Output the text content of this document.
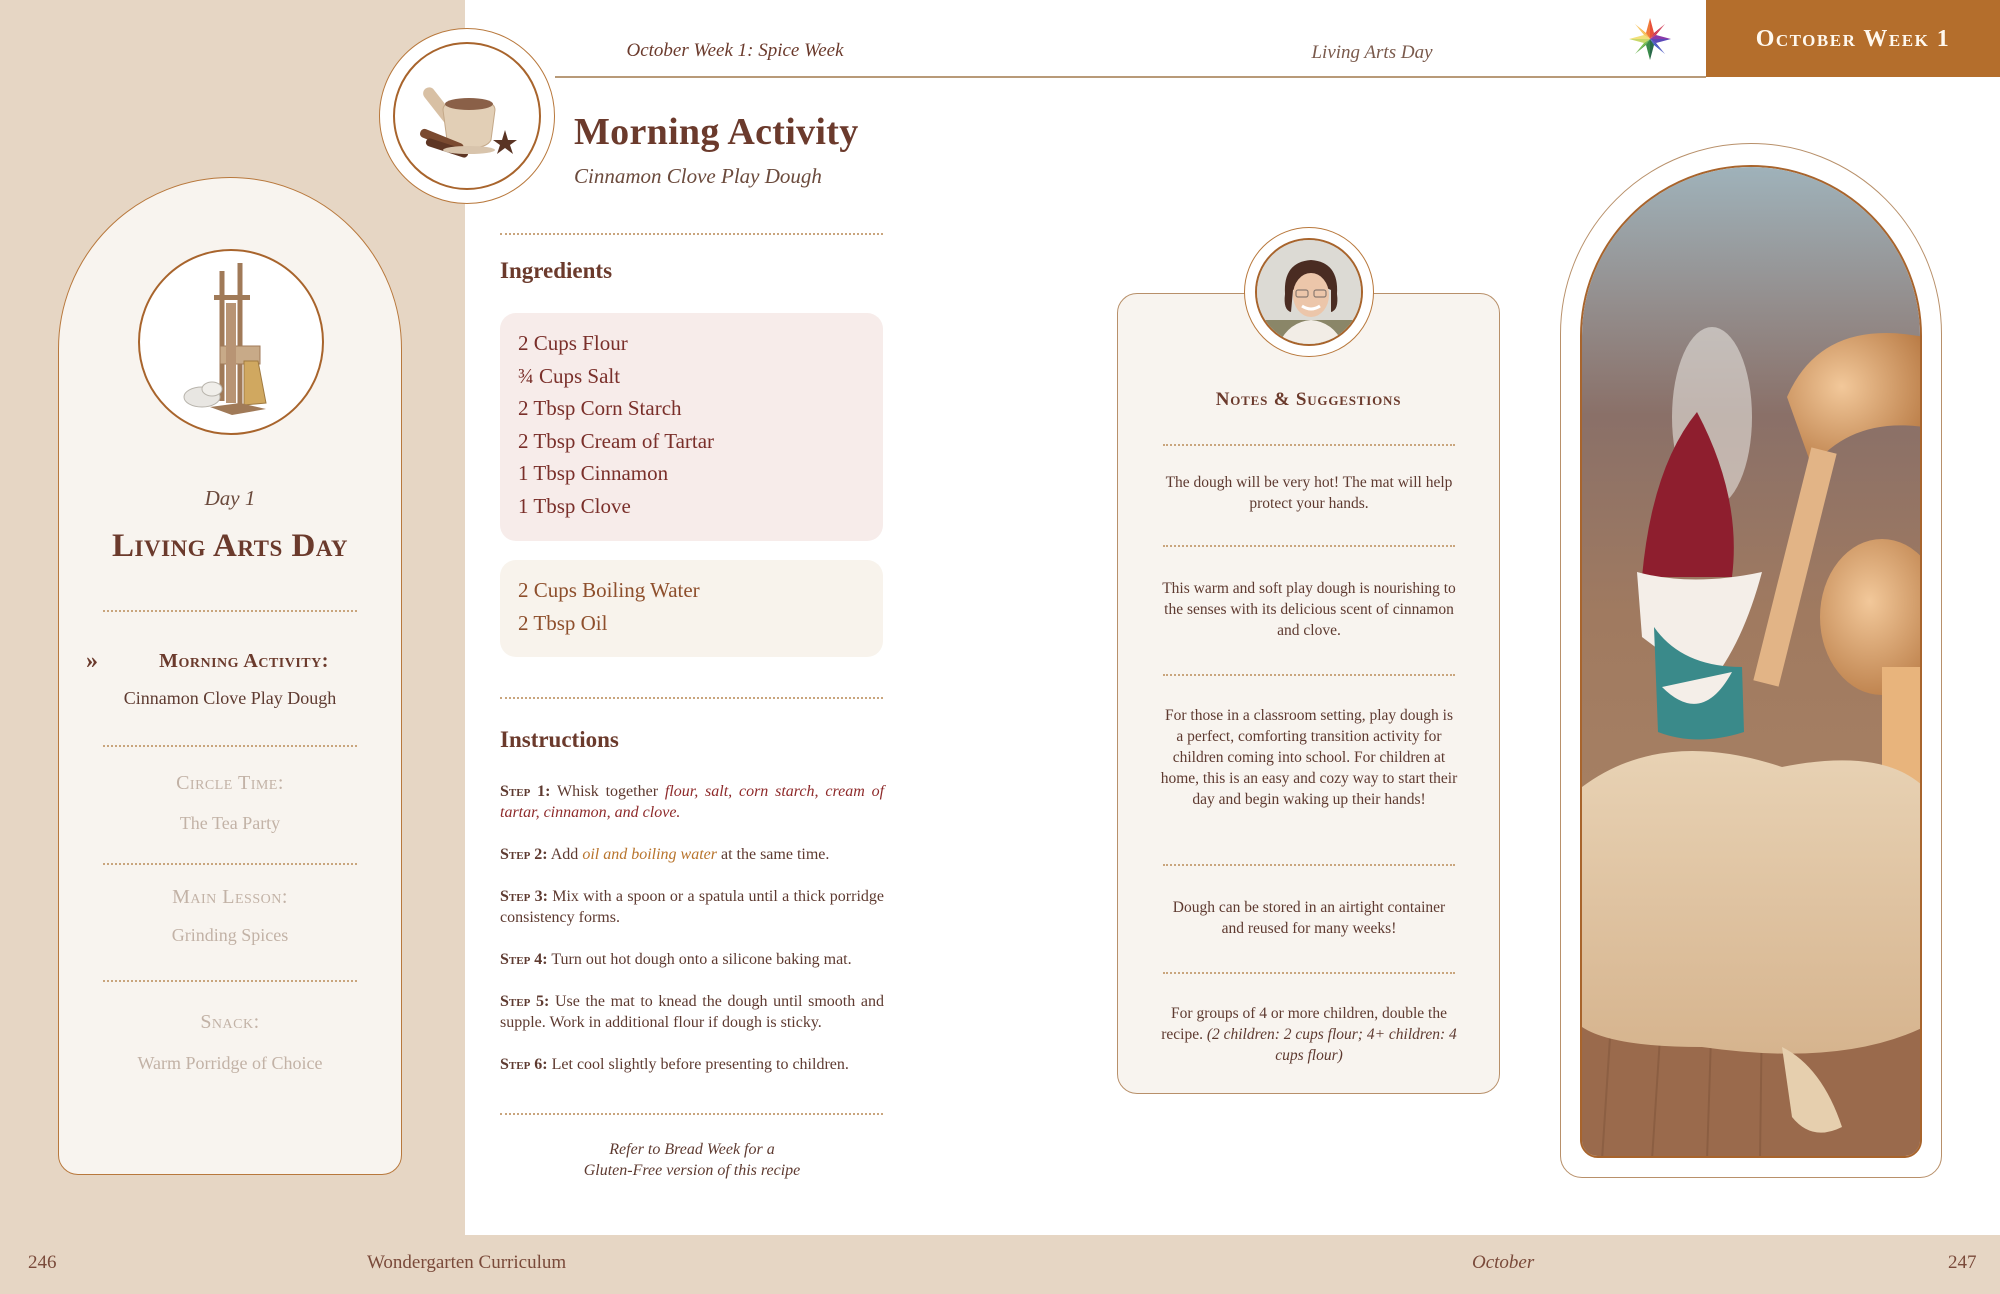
October Week 1: Spice Week	Living Arts Day
October Week 1
Morning Activity
Cinnamon Clove Play Dough
Ingredients
2 Cups Flour
¾ Cups Salt
2 Tbsp Corn Starch
2 Tbsp Cream of Tartar
1 Tbsp Cinnamon
1 Tbsp Clove
2 Cups Boiling Water
2 Tbsp Oil
Instructions
Step 1: Whisk together flour, salt, corn starch, cream of tartar, cinnamon, and clove.
Step 2: Add oil and boiling water at the same time.
Step 3: Mix with a spoon or a spatula until a thick porridge consistency forms.
Step 4: Turn out hot dough onto a silicone baking mat.
Step 5: Use the mat to knead the dough until smooth and supple. Work in additional flour if dough is sticky.
Step 6: Let cool slightly before presenting to children.
Refer to Bread Week for a
Gluten-Free version of this recipe
Day 1
Living Arts Day
»	Morning Activity:
Cinnamon Clove Play Dough
Circle Time:
The Tea Party
Main Lesson:
Grinding Spices
Snack:
Warm Porridge of Choice
Notes & Suggestions
The dough will be very hot! The mat will help protect your hands.
This warm and soft play dough is nourishing to the senses with its delicious scent of cinnamon and clove.
For those in a classroom setting, play dough is a perfect, comforting transition activity for children coming into school. For children at home, this is an easy and cozy way to start their day and begin waking up their hands!
Dough can be stored in an airtight container and reused for many weeks!
For groups of 4 or more children, double the recipe. (2 children: 2 cups flour; 4+ children: 4 cups flour)
246	Wondergarten Curriculum	October	247
